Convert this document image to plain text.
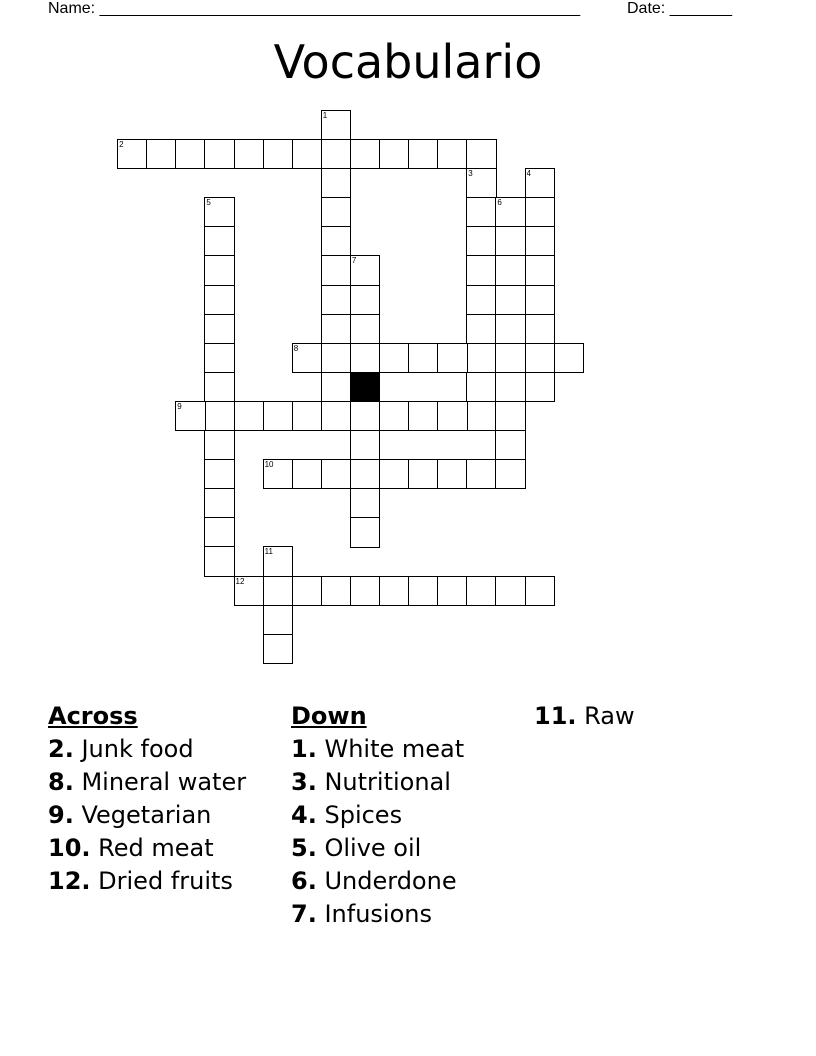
Name: ______________________________________________________	Date: _______
Vocabulario
1
2
3	4
5	6
7
8
9
10
11
12
Across
2. Junk food
8. Mineral water
9. Vegetarian
10. Red meat
12. Dried fruits
Down
1. White meat
3. Nutritional
4. Spices
5. Olive oil
6. Underdone
7. Infusions
11. Raw
